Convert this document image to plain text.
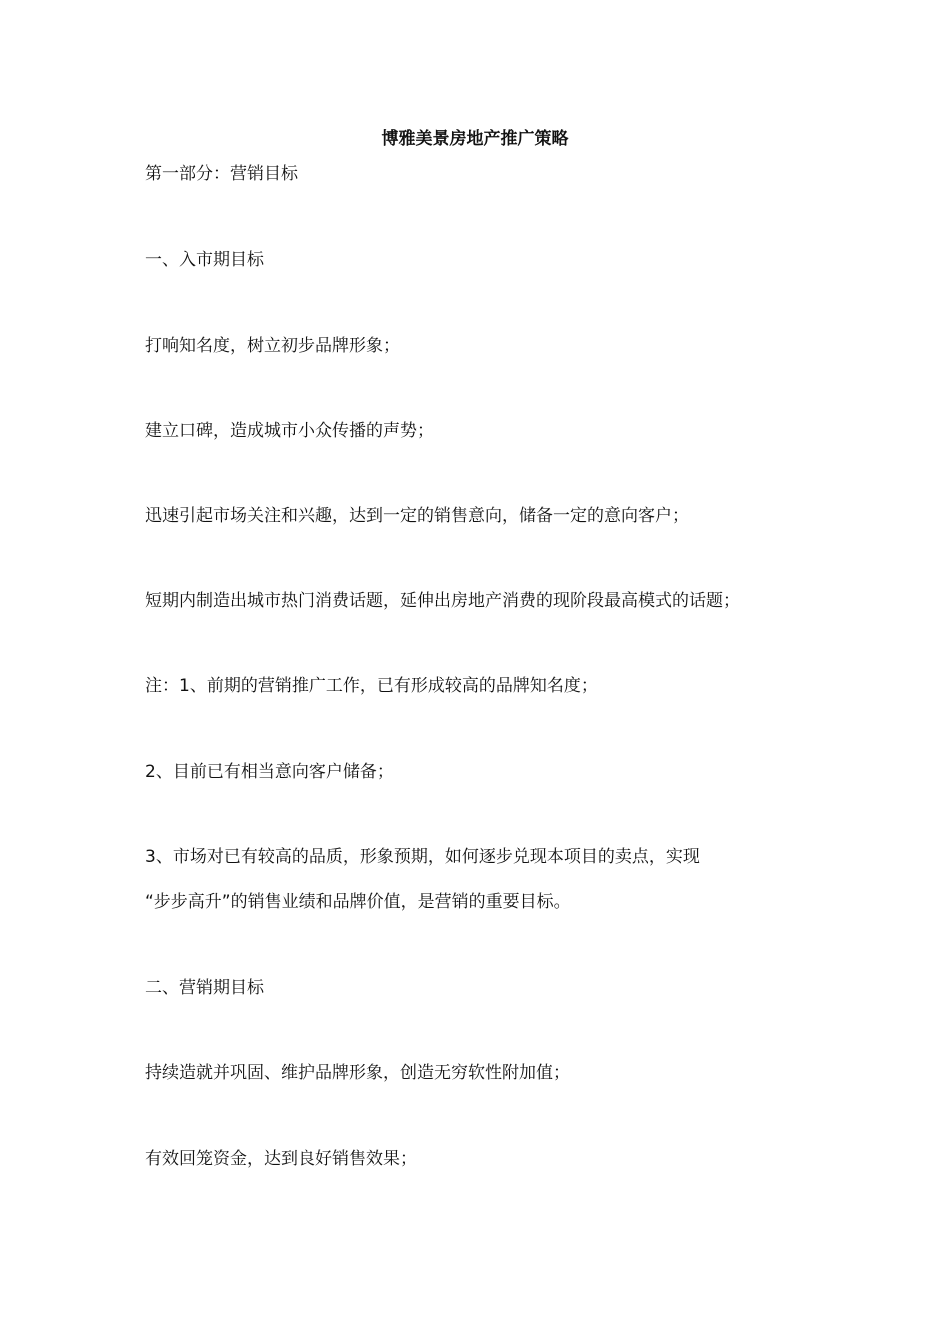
博雅美景房地产推广策略
第一部分：营销目标
一、入市期目标
打响知名度，树立初步品牌形象；
建立口碑，造成城市小众传播的声势；
迅速引起市场关注和兴趣，达到一定的销售意向，储备一定的意向客户；
短期内制造出城市热门消费话题，延伸出房地产消费的现阶段最高模式的话题；
注：1、前期的营销推广工作，已有形成较高的品牌知名度；
2、目前已有相当意向客户储备；
3、市场对已有较高的品质，形象预期，如何逐步兑现本项目的卖点，实现
“步步高升”的销售业绩和品牌价值，是营销的重要目标。
二、营销期目标
持续造就并巩固、维护品牌形象，创造无穷软性附加值；
有效回笼资金，达到良好销售效果；
